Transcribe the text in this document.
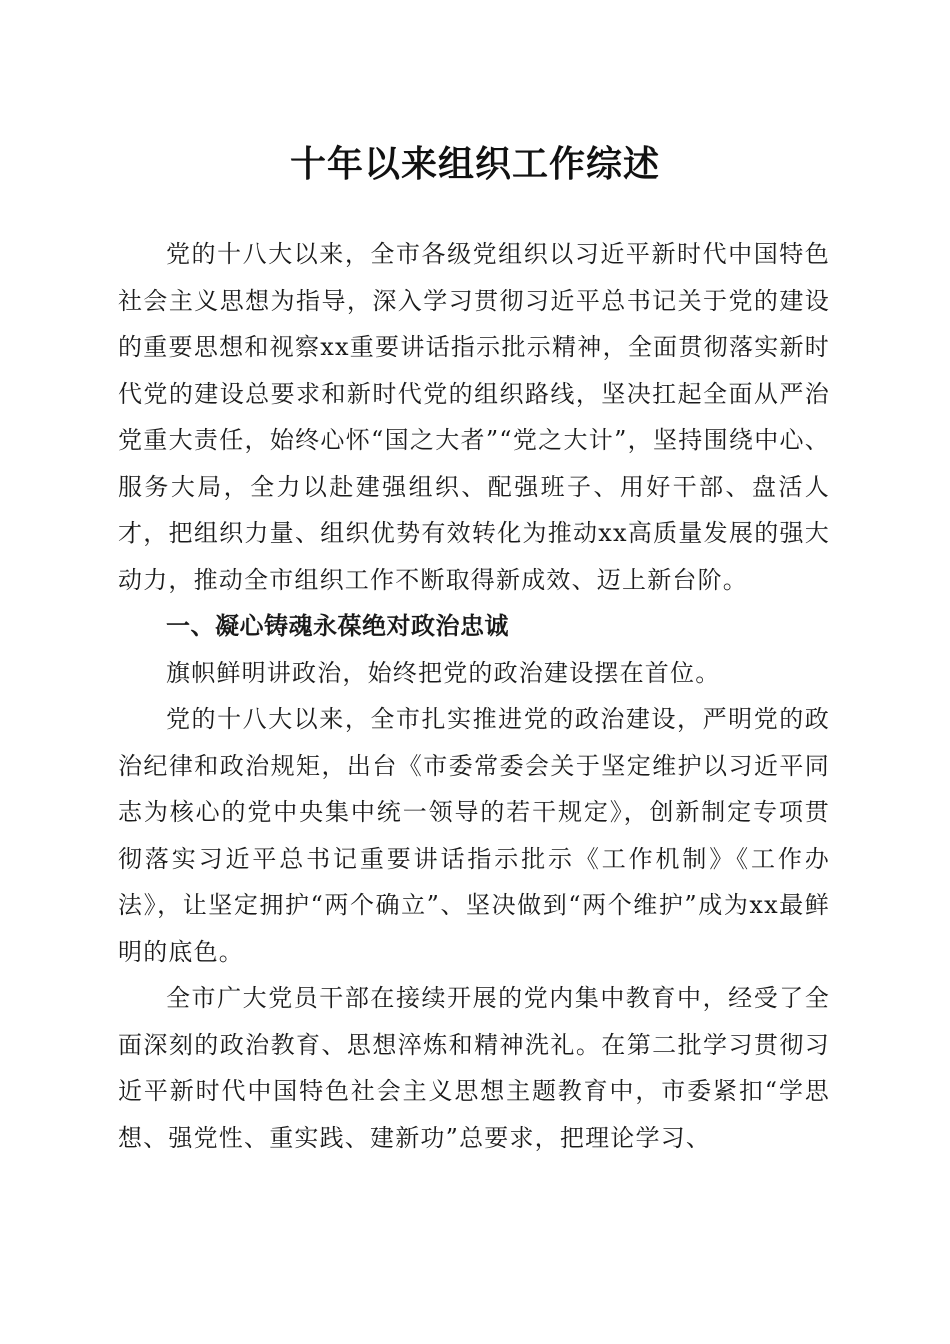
十年以来组织工作综述

党的十八大以来，全市各级党组织以习近平新时代中国特色社会主义思想为指导，深入学习贯彻习近平总书记关于党的建设的重要思想和视察xx重要讲话指示批示精神，全面贯彻落实新时代党的建设总要求和新时代党的组织路线，坚决扛起全面从严治党重大责任，始终心怀“国之大者”“党之大计”，坚持围绕中心、服务大局，全力以赴建强组织、配强班子、用好干部、盘活人才，把组织力量、组织优势有效转化为推动xx高质量发展的强大动力，推动全市组织工作不断取得新成效、迈上新台阶。

一、凝心铸魂永葆绝对政治忠诚

旗帜鲜明讲政治，始终把党的政治建设摆在首位。

党的十八大以来，全市扎实推进党的政治建设，严明党的政治纪律和政治规矩，出台《市委常委会关于坚定维护以习近平同志为核心的党中央集中统一领导的若干规定》，创新制定专项贯彻落实习近平总书记重要讲话指示批示《工作机制》《工作办法》，让坚定拥护“两个确立”、坚决做到“两个维护”成为xx最鲜明的底色。

全市广大党员干部在接续开展的党内集中教育中，经受了全面深刻的政治教育、思想淬炼和精神洗礼。在第二批学习贯彻习近平新时代中国特色社会主义思想主题教育中，市委紧扣“学思想、强党性、重实践、建新功”总要求，把理论学习、
